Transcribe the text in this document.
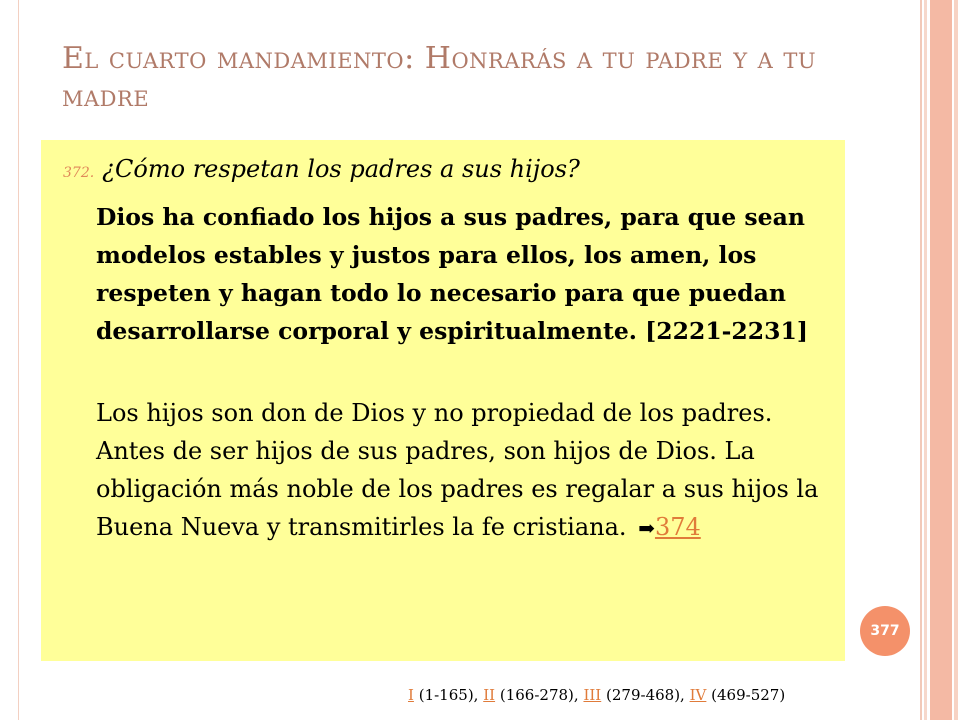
El cuarto mandamiento: Honrarás a tu padre y a tu madre
372. ¿Cómo respetan los padres a sus hijos?
Dios ha confiado los hijos a sus padres, para que sean modelos estables y justos para ellos, los amen, los respeten y hagan todo lo necesario para que puedan desarrollarse corporal y espiritualmente. [2221-2231]
Los hijos son don de Dios y no propiedad de los padres. Antes de ser hijos de sus padres, son hijos de Dios. La obligación más noble de los padres es regalar a sus hijos la Buena Nueva y transmitirles la fe cristiana. ➡374
377
I (1-165), II (166-278), III (279-468), IV (469-527)
